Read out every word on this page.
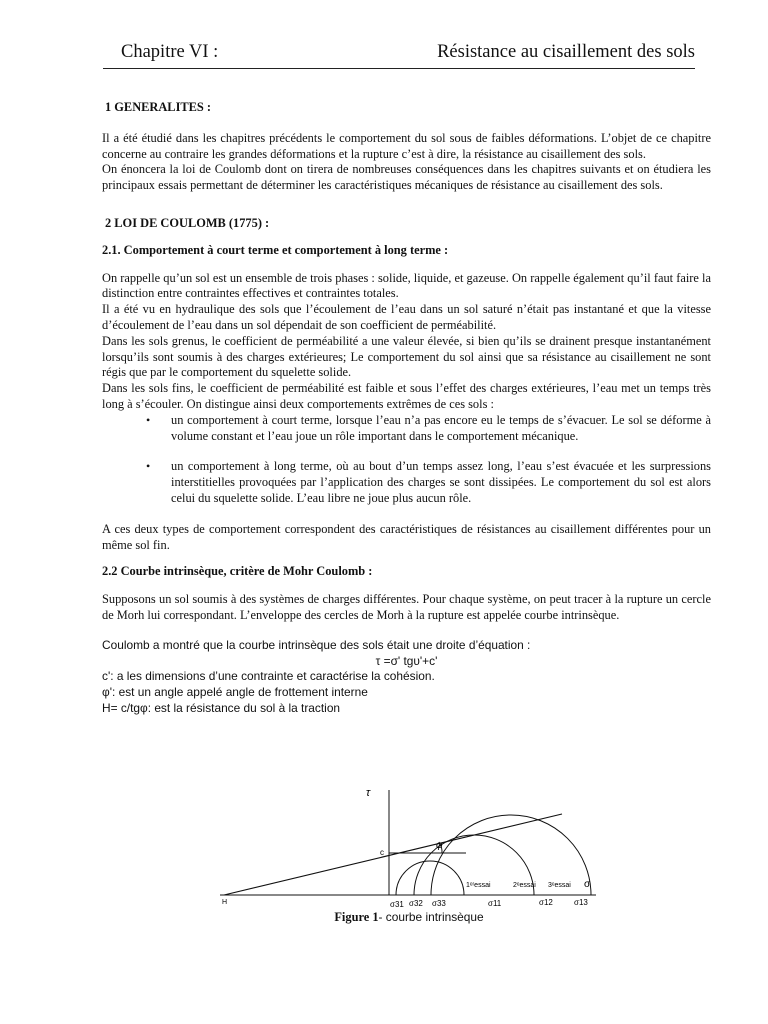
Chapitre VI :	Résistance au cisaillement des sols

1 GENERALITES :

Il a été étudié dans les chapitres précédents le comportement du sol sous de faibles déformations. L’objet de ce chapitre concerne au contraire les grandes déformations et la rupture c’est à dire, la résistance au cisaillement des sols.

On énoncera la loi de Coulomb dont on tirera de nombreuses conséquences dans les chapitres suivants et on étudiera les principaux essais permettant de déterminer les caractéristiques mécaniques de résistance au cisaillement des sols.

2 LOI DE COULOMB (1775) :

2.1. Comportement à court terme et comportement à long terme :

On rappelle qu’un sol est un ensemble de trois phases : solide, liquide, et gazeuse. On rappelle également qu’il faut faire la distinction entre contraintes effectives et contraintes totales.

Il a été vu en hydraulique des sols que l’écoulement de l’eau dans un sol saturé n’était pas instantané et que la vitesse d’écoulement de l’eau dans un sol dépendait de son coefficient de perméabilité.

Dans les sols grenus, le coefficient de perméabilité a une valeur élevée, si bien qu’ils se drainent presque instantanément lorsqu’ils sont soumis à des charges extérieures; Le comportement du sol ainsi que sa résistance au cisaillement ne sont régis que par le comportement du squelette solide.

Dans les sols fins, le coefficient de perméabilité est faible et sous l’effet des charges extérieures, l’eau met un temps très long à s’écouler. On distingue ainsi deux comportements extrêmes de ces sols :

• un comportement à court terme, lorsque l’eau n’a pas encore eu le temps de s’évacuer. Le sol se déforme à volume constant et l’eau joue un rôle important dans le comportement mécanique.
• un comportement à long terme, où au bout d’un temps assez long, l’eau s’est évacuée et les surpressions interstitielles provoquées par l’application des charges se sont dissipées. Le comportement du sol est alors celui du squelette solide. L’eau libre ne joue plus aucun rôle.

A ces deux types de comportement correspondent des caractéristiques de résistances au cisaillement différentes pour un même sol fin.

2.2 Courbe intrinsèque, critère de Mohr Coulomb :

Supposons un sol soumis à des systèmes de charges différentes. Pour chaque système, on peut tracer à la rupture un cercle de Morh lui correspondant. L’enveloppe des cercles de Morh à la rupture est appelée courbe intrinsèque.

Coulomb a montré que la courbe intrinsèque des sols était une droite d’équation :

τ =σ' tgυ'+c'

c': a les dimensions d’une contrainte et caractérise la cohésion.

φ': est un angle appelé angle de frottement interne

H= c/tgφ: est la résistance du sol à la traction

τ
c
φ
H
σ
1ᵉʳessai	2ᵉessai 3ᵉessai
σ31 σ32 σ33	σ11	σ12	σ13
Figure 1- courbe intrinsèque
